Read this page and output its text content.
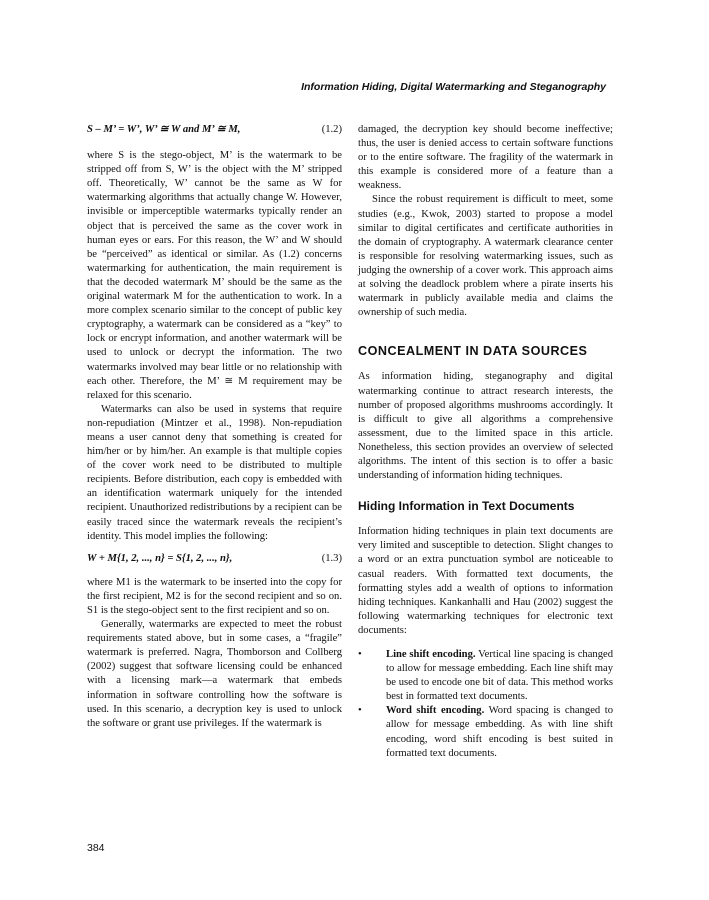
Information Hiding, Digital Watermarking and Steganography
S – M’ = W’, W’ ≅ W and M’ ≅ M,	(1.2)

where S is the stego-object, M’ is the watermark to be stripped off from S, W’ is the object with the M’ stripped off. Theoretically, W’ cannot be the same as W for watermarking algorithms that actually change W. However, invisible or imperceptible watermarks typically render an object that is perceived the same as the cover work in human eyes or ears. For this reason, the W’ and W should be “perceived” as identical or similar. As (1.2) concerns watermarking for authentication, the main requirement is that the decoded watermark M’ should be the same as the original watermark M for the authentication to work. In a more complex scenario similar to the concept of public key cryptography, a watermark can be considered as a “key” to lock or encrypt information, and another watermark will be used to unlock or decrypt the information. The two watermarks involved may bear little or no relationship with each other. Therefore, the M’ ≅ M requirement may be relaxed for this scenario.

Watermarks can also be used in systems that require non-repudiation (Mintzer et al., 1998). Non-repudiation means a user cannot deny that something is created for him/her or by him/her. An example is that multiple copies of the cover work need to be distributed to multiple recipients. Before distribution, each copy is embedded with an identification watermark uniquely for the intended recipient. Unauthorized redistributions by a recipient can be easily traced since the watermark reveals the recipient’s identity. This model implies the following:

W + M{1, 2, ..., n} = S{1, 2, ..., n},	(1.3)

where M1 is the watermark to be inserted into the copy for the first recipient, M2 is for the second recipient and so on. S1 is the stego-object sent to the first recipient and so on.

Generally, watermarks are expected to meet the robust requirements stated above, but in some cases, a “fragile” watermark is preferred. Nagra, Thomborson and Collberg (2002) suggest that software licensing could be enhanced with a licensing mark—a watermark that embeds information in software controlling how the software is used. In this scenario, a decryption key is used to unlock the software or grant use privileges. If the watermark is

damaged, the decryption key should become ineffective; thus, the user is denied access to certain software functions or to the entire software. The fragility of the watermark in this example is considered more of a feature than a weakness.

Since the robust requirement is difficult to meet, some studies (e.g., Kwok, 2003) started to propose a model similar to digital certificates and certificate authorities in the domain of cryptography. A watermark clearance center is responsible for resolving watermarking issues, such as judging the ownership of a cover work. This approach aims at solving the deadlock problem where a pirate inserts his watermark in publicly available media and claims the ownership of such media.

CONCEALMENT IN DATA SOURCES

As information hiding, steganography and digital watermarking continue to attract research interests, the number of proposed algorithms mushrooms accordingly. It is difficult to give all algorithms a comprehensive assessment, due to the limited space in this article. Nonetheless, this section provides an overview of selected algorithms. The intent of this section is to offer a basic understanding of information hiding techniques.

Hiding Information in Text Documents

Information hiding techniques in plain text documents are very limited and susceptible to detection. Slight changes to a word or an extra punctuation symbol are noticeable to casual readers. With formatted text documents, the formatting styles add a wealth of options to information hiding techniques. Kankanhalli and Hau (2002) suggest the following watermarking techniques for electronic text documents:

• Line shift encoding. Vertical line spacing is changed to allow for message embedding. Each line shift may be used to encode one bit of data. This method works best in formatted text documents.
• Word shift encoding. Word spacing is changed to allow for message embedding. As with line shift encoding, word shift encoding is best suited in formatted text documents.
384
